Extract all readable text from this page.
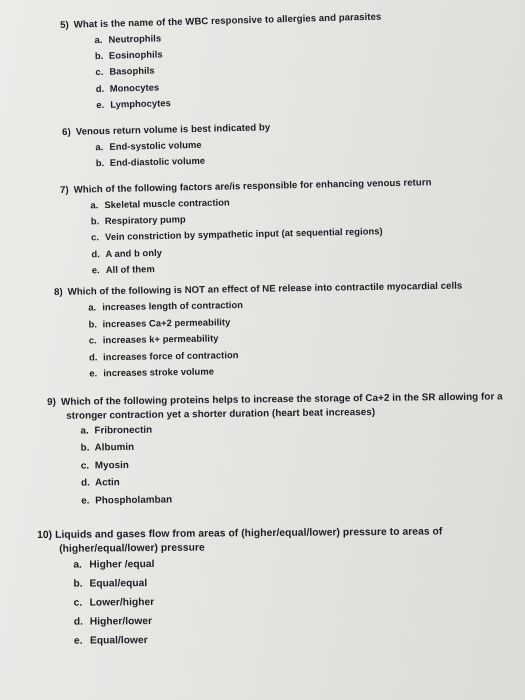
5) What is the name of the WBC responsive to allergies and parasites
a. Neutrophils
b. Eosinophils
c. Basophils
d. Monocytes
e. Lymphocytes
6) Venous return volume is best indicated by
a. End-systolic volume
b. End-diastolic volume
7) Which of the following factors are/is responsible for enhancing venous return
a. Skeletal muscle contraction
b. Respiratory pump
c. Vein constriction by sympathetic input (at sequential regions)
d. A and b only
e. All of them
8) Which of the following is NOT an effect of NE release into contractile myocardial cells
a. increases length of contraction
b. increases Ca+2 permeability
c. increases k+ permeability
d. increases force of contraction
e. increases stroke volume
9) Which of the following proteins helps to increase the storage of Ca+2 in the SR allowing for a
stronger contraction yet a shorter duration (heart beat increases)
a. Fribronectin
b. Albumin
c. Myosin
d. Actin
e. Phospholamban
10) Liquids and gases flow from areas of (higher/equal/lower) pressure to areas of
(higher/equal/lower) pressure
a. Higher /equal
b. Equal/equal
c. Lower/higher
d. Higher/lower
e. Equal/lower
